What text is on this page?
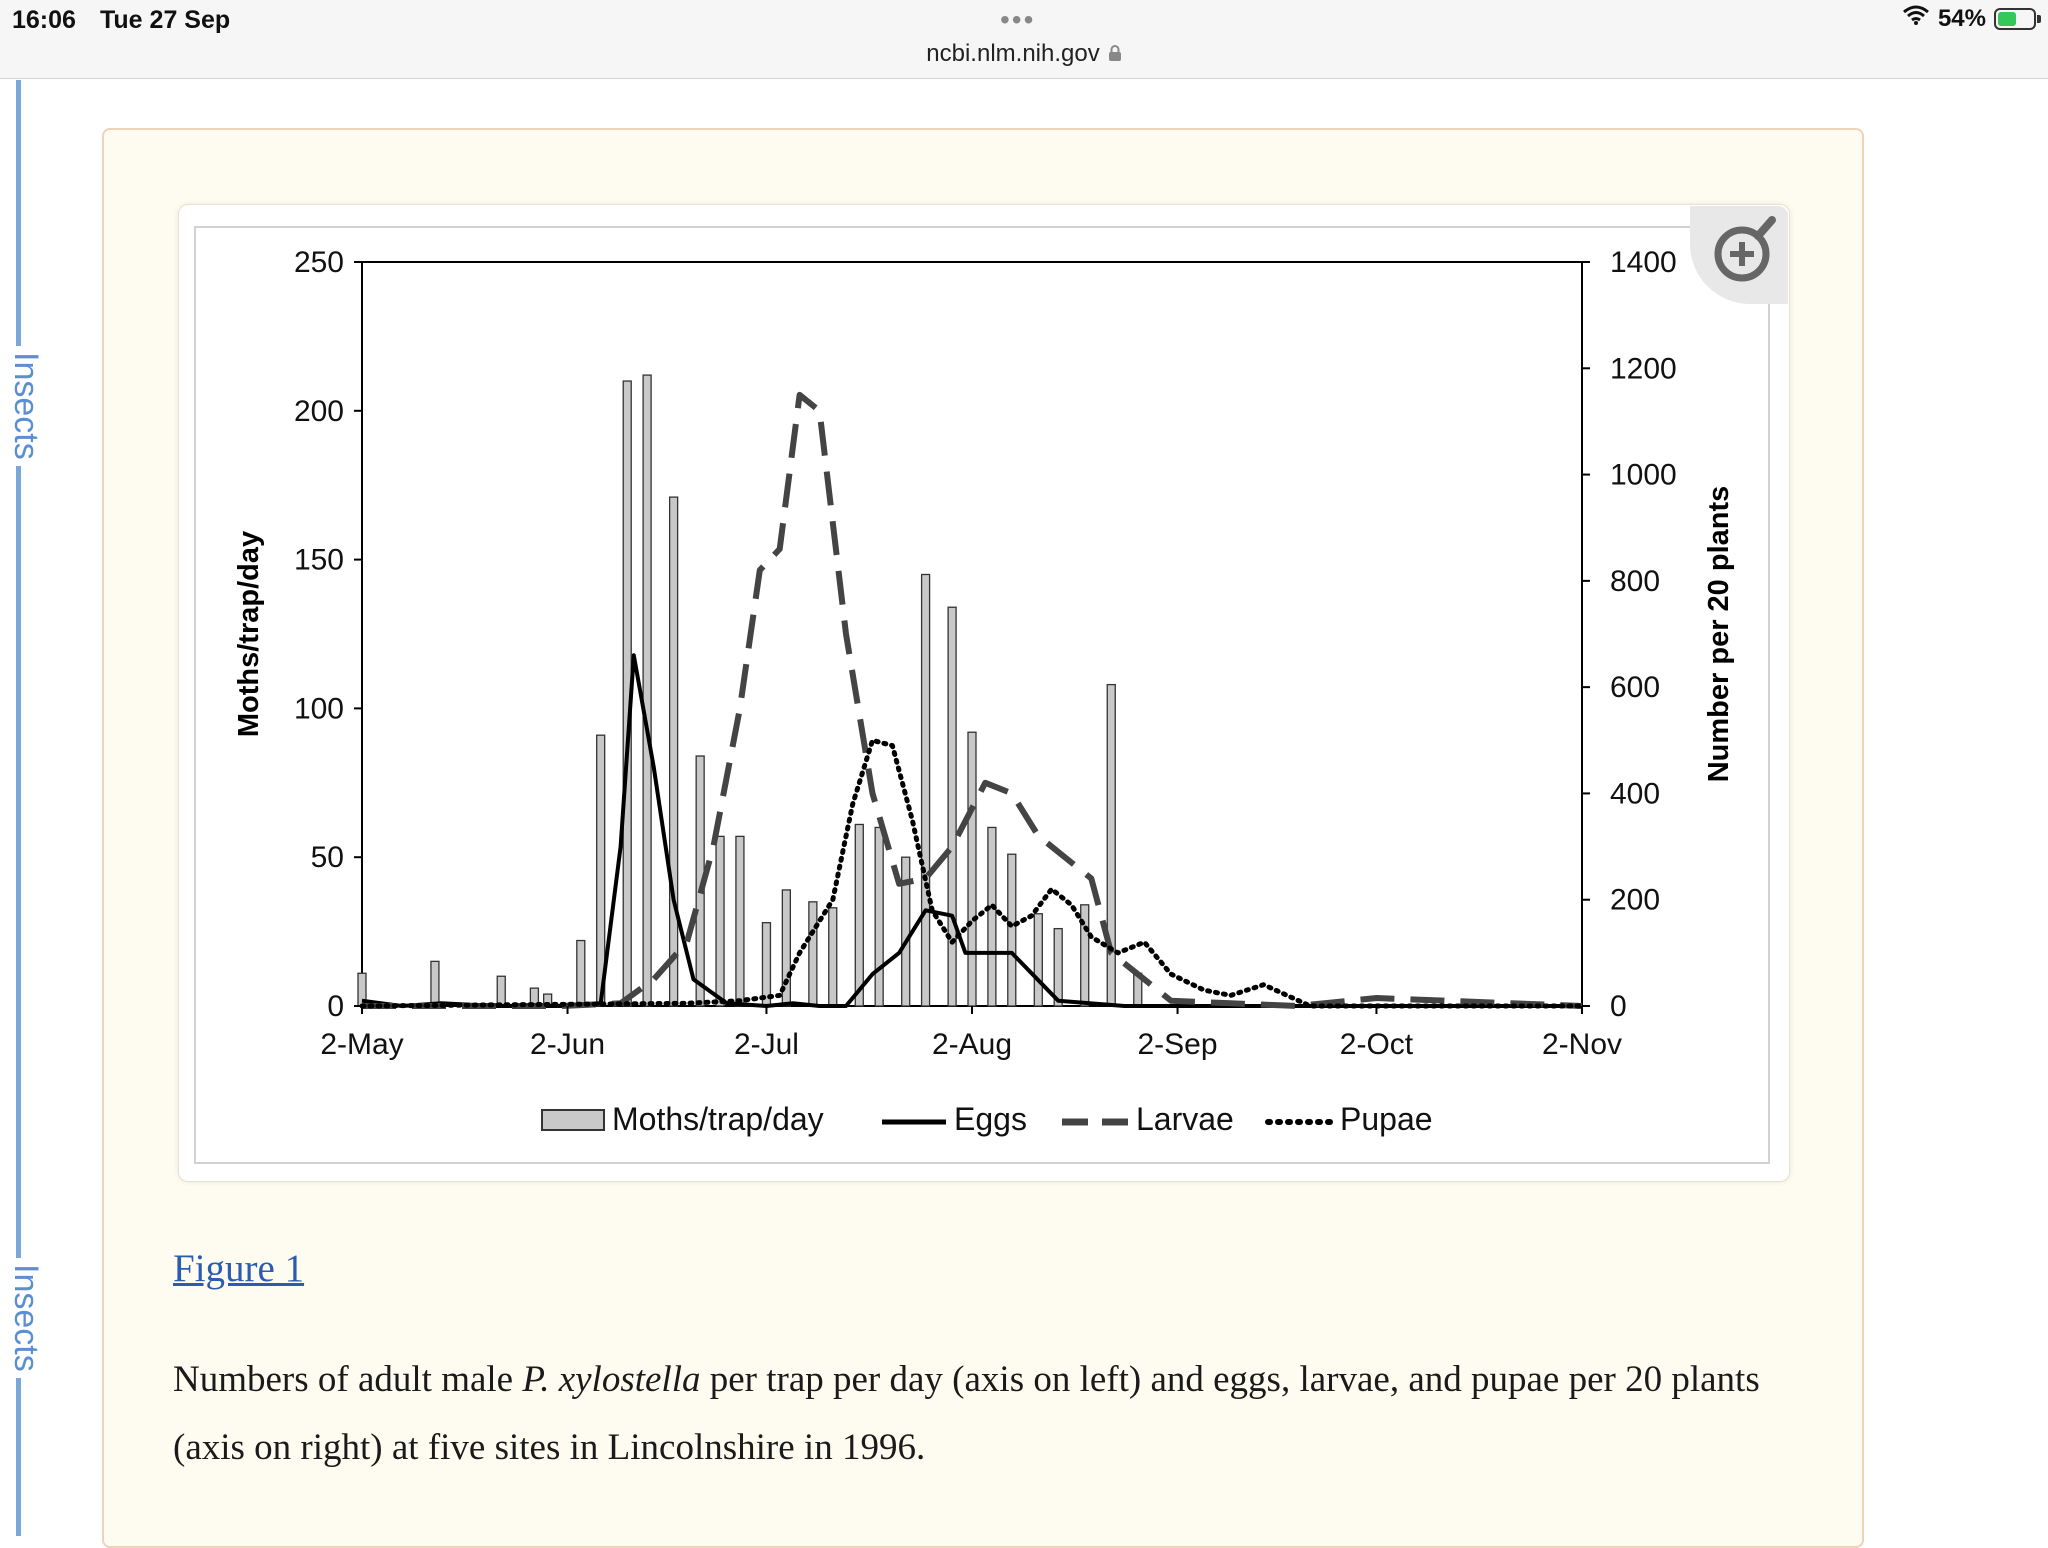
16:06 Tue 27 Sep	•••
ncbi.nlm.nih.gov
54%
Insects
Insects
0
50
100
150
200
250
0
200
400
600
800
1000
1200
1400
2-May	2-Jun	2-Jul	2-Aug	2-Sep	2-Oct	2-Nov
Moths/trap/day	Number per 20 plants
Moths/trap/day	Eggs	Larvae	Pupae
Figure 1
Numbers of adult male P. xylostella per trap per day (axis on left) and eggs, larvae, and pupae per 20 plants (axis on right) at five sites in Lincolnshire in 1996.
